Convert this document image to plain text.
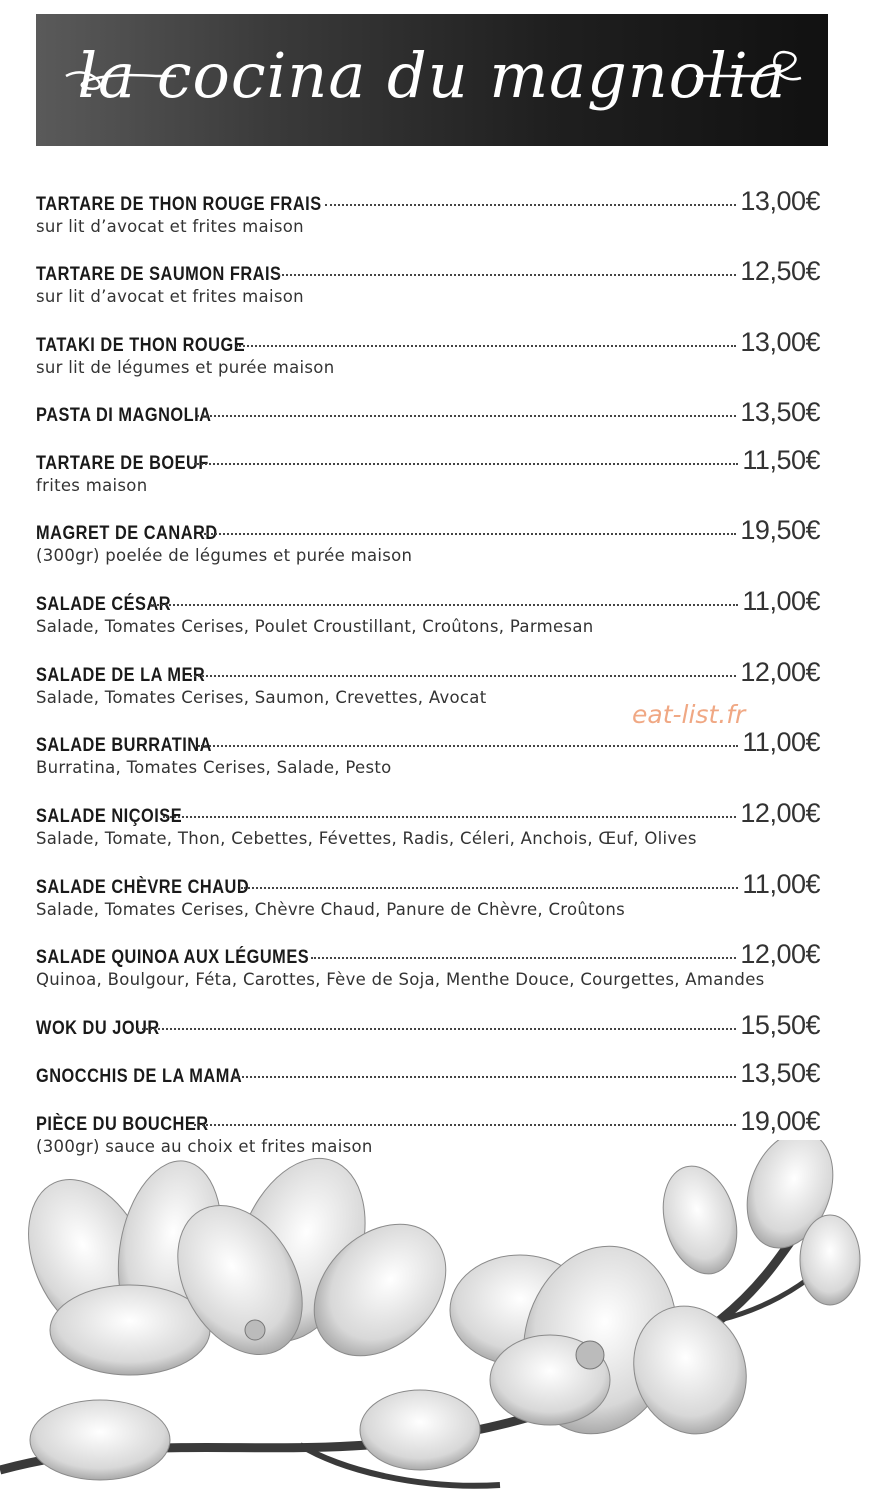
la cocina du magnolia
TARTARE DE THON ROUGE FRAIS	13,00€
sur lit d’avocat et frites maison
TARTARE DE SAUMON FRAIS	12,50€
sur lit d’avocat et frites maison
TATAKI DE THON ROUGE	13,00€
sur lit de légumes et purée maison
PASTA DI MAGNOLIA	13,50€
TARTARE DE BOEUF	11,50€
frites maison
MAGRET DE CANARD	19,50€
(300gr) poelée de légumes et purée maison
SALADE CÉSAR	11,00€
Salade, Tomates Cerises, Poulet Croustillant, Croûtons, Parmesan
SALADE DE LA MER	12,00€
Salade, Tomates Cerises, Saumon, Crevettes, Avocat
SALADE BURRATINA	11,00€
Burratina, Tomates Cerises, Salade, Pesto
SALADE NIÇOISE	12,00€
Salade, Tomate, Thon, Cebettes, Févettes, Radis, Céleri, Anchois, Œuf, Olives
SALADE CHÈVRE CHAUD	11,00€
Salade, Tomates Cerises, Chèvre Chaud, Panure de Chèvre, Croûtons
SALADE QUINOA AUX LÉGUMES	12,00€
Quinoa, Boulgour, Féta, Carottes, Fève de Soja, Menthe Douce, Courgettes, Amandes
WOK DU JOUR	15,50€
GNOCCHIS DE LA MAMA	13,50€
PIÈCE DU BOUCHER	19,00€
(300gr) sauce au choix et frites maison
eat-list.fr
